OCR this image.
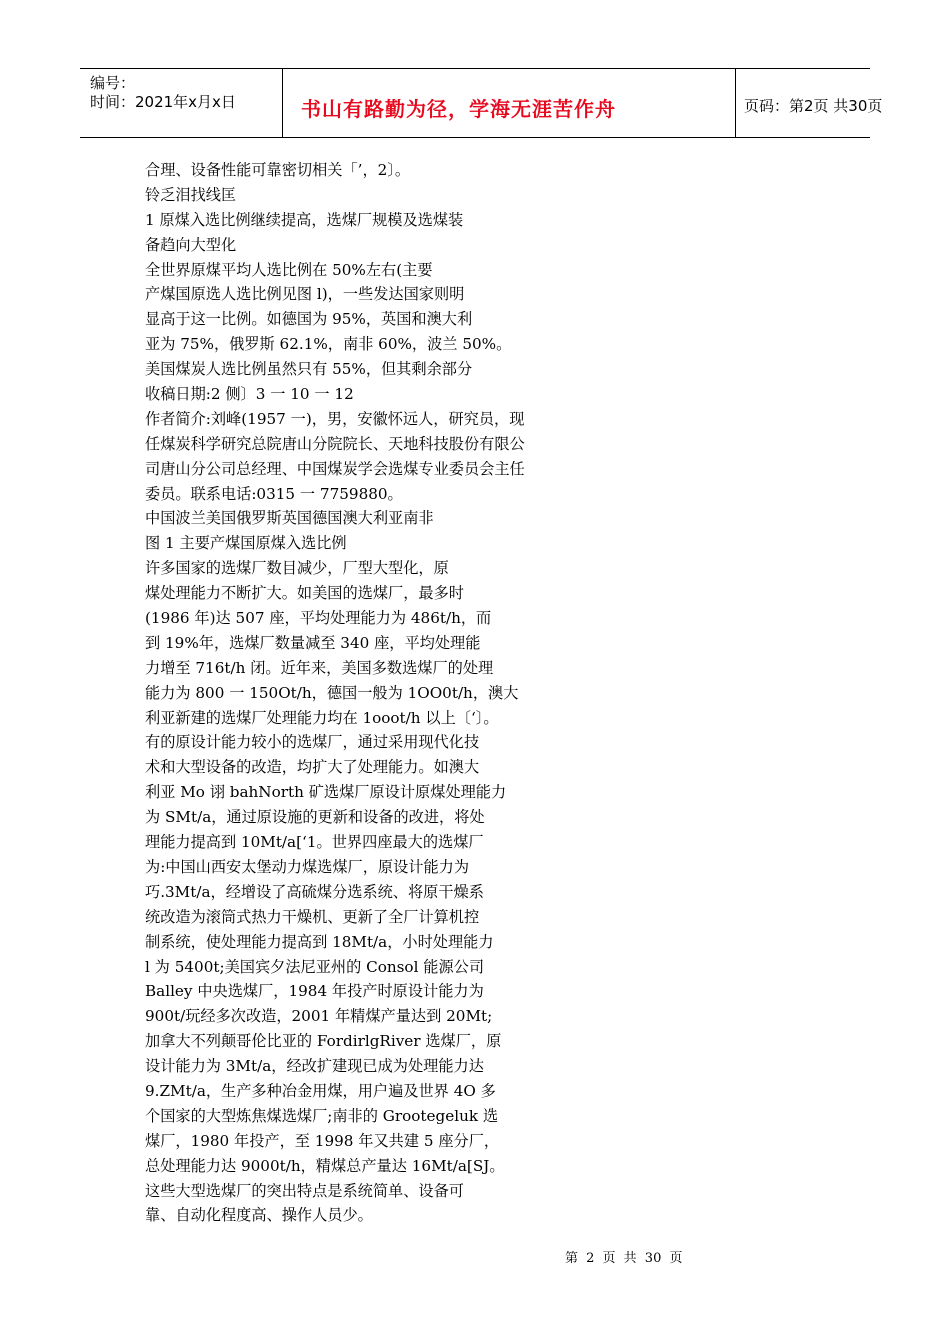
编号：
时间：2021年x月x日	书山有路勤为径，学海无涯苦作舟	页码：第2页 共30页
合理、设备性能可靠密切相关「’，2〕。
铃乏泪找线匡
1 原煤入选比例继续提高，选煤厂规模及选煤装
备趋向大型化
全世界原煤平均人选比例在 50%左右(主要
产煤国原选人选比例见图 l)，一些发达国家则明
显高于这一比例。如德国为 95%，英国和澳大利
亚为 75%，俄罗斯 62.1%，南非 60%，波兰 50%。
美国煤炭人选比例虽然只有 55%，但其剩余部分
收稿日期:2 侧〕3 一 10 一 12
作者简介:刘峰(1957 一)，男，安徽怀远人，研究员，现
任煤炭科学研究总院唐山分院院长、天地科技股份有限公
司唐山分公司总经理、中国煤炭学会选煤专业委员会主任
委员。联系电话:0315 一 7759880。
中国波兰美国俄罗斯英国德国澳大利亚南非
图 1 主要产煤国原煤入选比例
许多国家的选煤厂数目减少，厂型大型化，原
煤处理能力不断扩大。如美国的选煤厂，最多时
(1986 年)达 507 座，平均处理能力为 486t/h，而
到 19%年，选煤厂数量减至 340 座，平均处理能
力增至 716t/h 闭。近年来，美国多数选煤厂的处理
能力为 800 一 150Ot/h，德国一般为 1OO0t/h，澳大
利亚新建的选煤厂处理能力均在 1ooot/h 以上〔‘〕。
有的原设计能力较小的选煤厂，通过采用现代化技
术和大型设备的改造，均扩大了处理能力。如澳大
利亚 Mo 诩 bahNorth 矿选煤厂原设计原煤处理能力
为 SMt/a，通过原设施的更新和设备的改进，将处
理能力提高到 10Mt/a[‘1。世界四座最大的选煤厂
为:中国山西安太堡动力煤选煤厂，原设计能力为
巧.3Mt/a，经增设了高硫煤分选系统、将原干燥系
统改造为滚筒式热力干燥机、更新了全厂计算机控
制系统，使处理能力提高到 18Mt/a，小时处理能力
l 为 5400t;美国宾夕法尼亚州的 Consol 能源公司
Balley 中央选煤厂，1984 年投产时原设计能力为
900t/玩经多次改造，2001 年精煤产量达到 20Mt;
加拿大不列颠哥伦比亚的 FordirlgRiver 选煤厂，原
设计能力为 3Mt/a，经改扩建现已成为处理能力达
9.ZMt/a，生产多种冶金用煤，用户遍及世界 4O 多
个国家的大型炼焦煤选煤厂;南非的 Grootegeluk 选
煤厂，1980 年投产，至 1998 年又共建 5 座分厂，
总处理能力达 9000t/h，精煤总产量达 16Mt/a[SJ。
这些大型选煤厂的突出特点是系统简单、设备可
靠、自动化程度高、操作人员少。
第 2 页 共 30 页
